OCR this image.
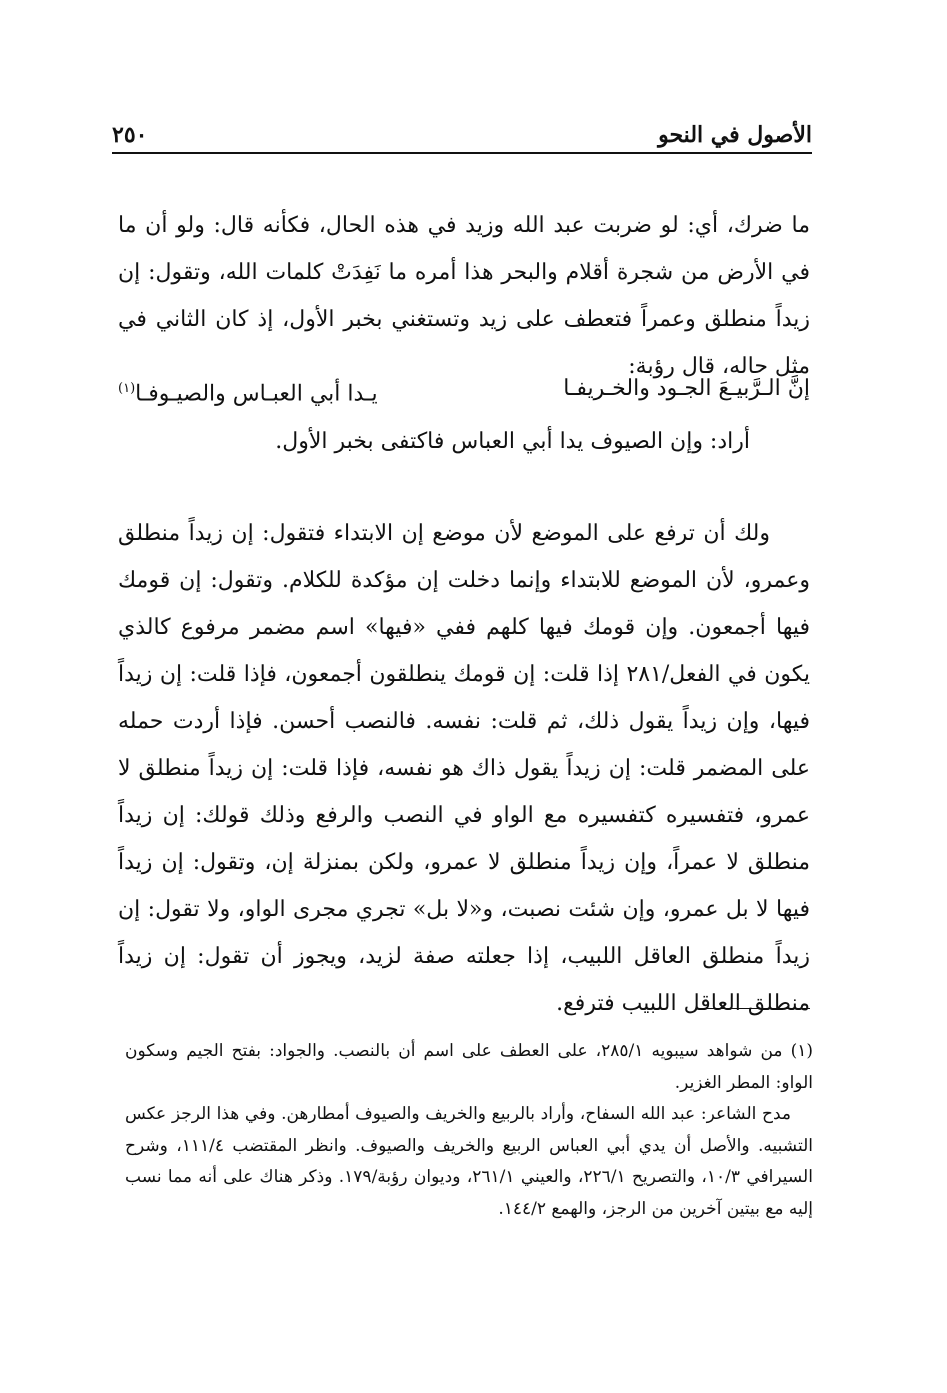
٢٥٠	الأصول في النحو

ما ضرك، أي: لو ضربت عبد الله وزيد في هذه الحال، فكأنه قال: ولو أن ما في الأرض من شجرة أقلام والبحر هذا أمره ما نَفِدَتْ كلمات الله، وتقول: إن زيداً منطلق وعمراً فتعطف على زيد وتستغني بخبر الأول، إذ كان الثاني في مثل حاله، قال رؤبة:

إنَّ الـرَّبيـعَ الجـود والخـريفـا
يـدا أبي العبـاس والصيـوفـا$^{(١)}$
أراد: وإن الصيوف يدا أبي العباس فاكتفى بخبر الأول.

ولك أن ترفع على الموضع لأن موضع إن الابتداء فتقول: إن زيداً منطلق وعمرو، لأن الموضع للابتداء وإنما دخلت إن مؤكدة للكلام. وتقول: إن قومك فيها أجمعون. وإن قومك فيها كلهم ففي «فيها» اسم مضمر مرفوع كالذي يكون في الفعل/٢٨١ إذا قلت: إن قومك ينطلقون أجمعون، فإذا قلت: إن زيداً فيها، وإن زيداً يقول ذلك، ثم قلت: نفسه. فالنصب أحسن. فإذا أردت حمله على المضمر قلت: إن زيداً يقول ذاك هو نفسه، فإذا قلت: إن زيداً منطلق لا عمرو، فتفسيره كتفسيره مع الواو في النصب والرفع وذلك قولك: إن زيداً منطلق لا عمراً، وإن زيداً منطلق لا عمرو، ولكن بمنزلة إن، وتقول: إن زيداً فيها لا بل عمرو، وإن شئت نصبت، و«لا بل» تجري مجرى الواو، ولا تقول: إن زيداً منطلق العاقل اللبيب، إذا جعلته صفة لزيد، ويجوز أن تقول: إن زيداً منطلق العاقل اللبيب فترفع.

(١) من شواهد سيبويه ٢٨٥/١، على العطف على اسم أن بالنصب. والجواد: بفتح الجيم وسكون الواو: المطر الغزير.

مدح الشاعر: عبد الله السفاح، وأراد بالربيع والخريف والصيوف أمطارهن. وفي هذا الرجز عكس التشبيه. والأصل أن يدي أبي العباس الربيع والخريف والصيوف. وانظر المقتضب ١١١/٤، وشرح السيرافي ١٠/٣، والتصريح ٢٢٦/١، والعيني ٢٦١/١، وديوان رؤبة/١٧٩. وذكر هناك على أنه مما نسب إليه مع بيتين آخرين من الرجز، والهمع ١٤٤/٢.
